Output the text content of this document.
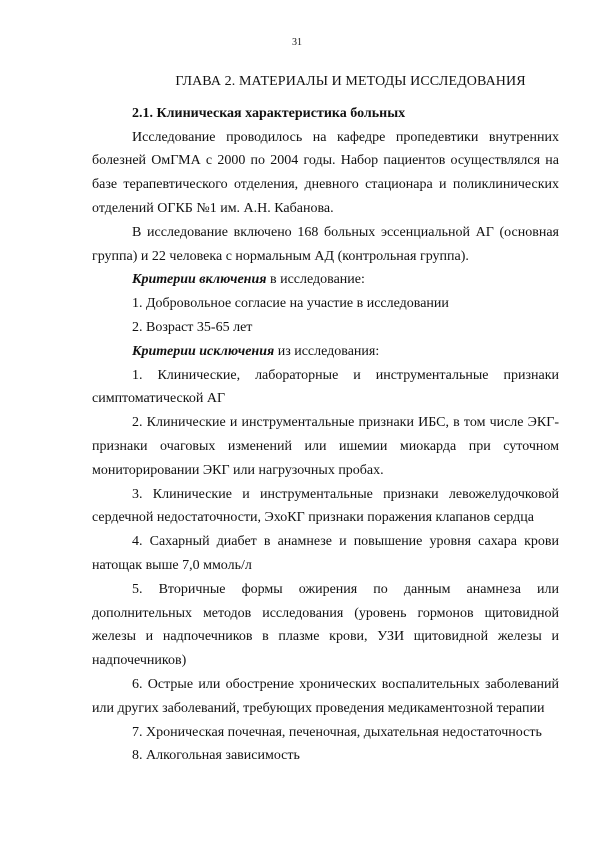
31
ГЛАВА 2. МАТЕРИАЛЫ И МЕТОДЫ ИССЛЕДОВАНИЯ
2.1. Клиническая характеристика больных

Исследование проводилось на кафедре пропедевтики внутренних болезней ОмГМА с 2000 по 2004 годы. Набор пациентов осуществлялся на базе терапевтического отделения, дневного стационара и поликлинических отделений ОГКБ №1 им. А.Н. Кабанова.

В исследование включено 168 больных эссенциальной АГ (основная группа) и 22 человека с нормальным АД (контрольная группа).

Критерии включения в исследование:

1. Добровольное согласие на участие в исследовании

2. Возраст 35-65 лет

Критерии исключения из исследования:

1. Клинические, лабораторные и инструментальные признаки симптоматической АГ

2. Клинические и инструментальные признаки ИБС, в том числе ЭКГ-признаки очаговых изменений или ишемии миокарда при суточном мониторировании ЭКГ или нагрузочных пробах.

3. Клинические и инструментальные признаки левожелудочковой сердечной недостаточности, ЭхоКГ признаки поражения клапанов сердца

4. Сахарный диабет в анамнезе и повышение уровня сахара крови натощак выше 7,0 ммоль/л

5. Вторичные формы ожирения по данным анамнеза или дополнительных методов исследования (уровень гормонов щитовидной железы и надпочечников в плазме крови, УЗИ щитовидной железы и надпочечников)

6. Острые или обострение хронических воспалительных заболеваний или других заболеваний, требующих проведения медикаментозной терапии

7. Хроническая почечная, печеночная, дыхательная недостаточность

8. Алкогольная зависимость
